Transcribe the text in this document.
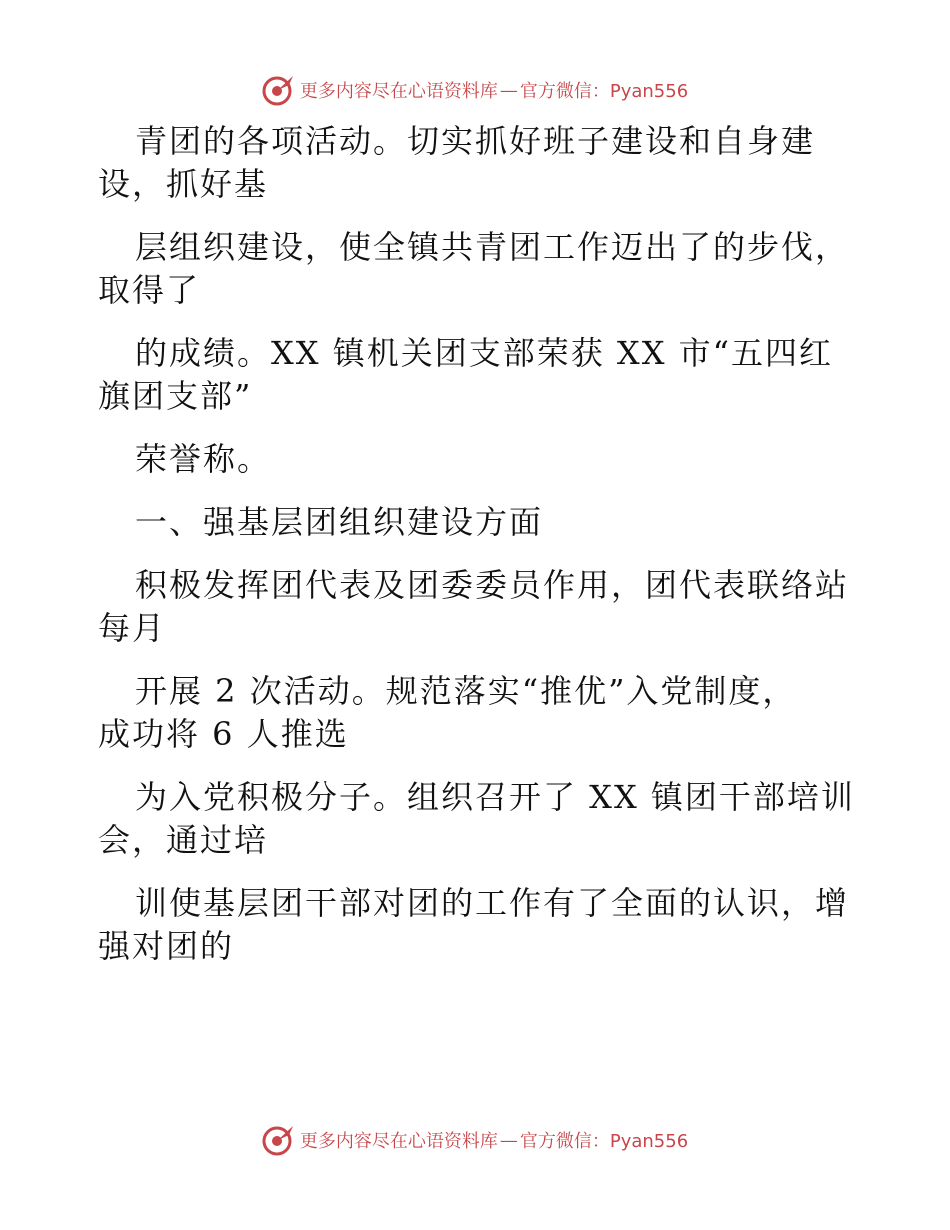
更多内容尽在心语资料库 — 官方微信：Pyan556
青团的各项活动。切实抓好班子建设和自身建
设，抓好基
层组织建设，使全镇共青团工作迈出了的步伐，
取得了
的成绩。XX 镇机关团支部荣获 XX 市“五四红
旗团支部”
荣誉称。
一、强基层团组织建设方面
积极发挥团代表及团委委员作用，团代表联络站
每月
开展 2 次活动。规范落实“推优”入党制度，
成功将 6 人推选
为入党积极分子。组织召开了 XX 镇团干部培训
会，通过培
训使基层团干部对团的工作有了全面的认识，增
强对团的
更多内容尽在心语资料库 — 官方微信：Pyan556
